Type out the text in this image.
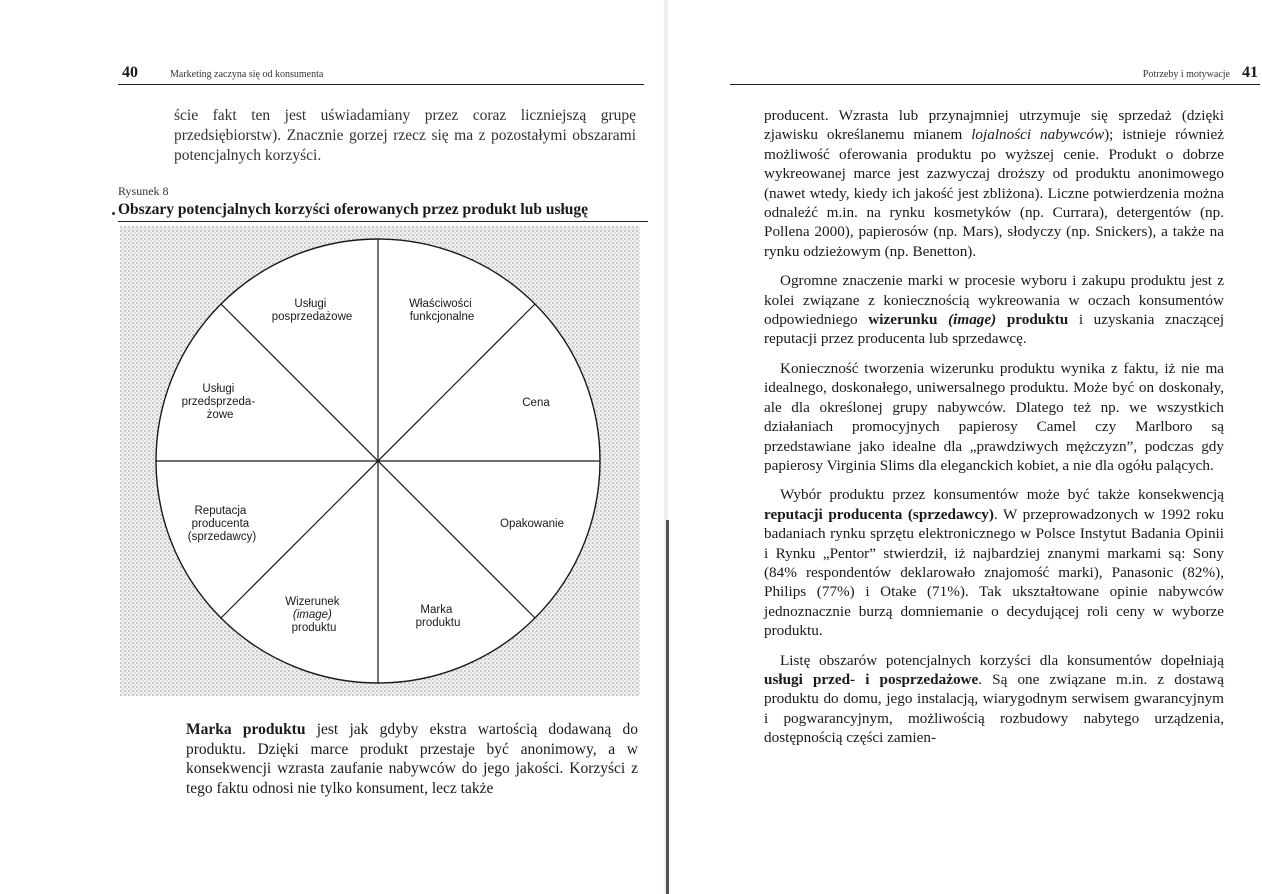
40	Marketing zaczyna się od konsumenta
ście fakt ten jest uświadamiany przez coraz liczniejszą grupę przedsiębiorstw). Znacznie gorzej rzecz się ma z pozostałymi obszarami potencjalnych korzyści.
Rysunek 8
Obszary potencjalnych korzyści oferowanych przez produkt lub usługę
Usługi posprzedażowe
Właściwości funkcjonalne
Cena
Opakowanie
Marka produktu
Wizerunek (image) produktu
Reputacja producenta (sprzedawcy)
Usługi przedsprzeda- żowe
Marka produktu jest jak gdyby ekstra wartością dodawaną do produktu. Dzięki marce produkt przestaje być anonimowy, a w konsekwencji wzrasta zaufanie nabywców do jego jakości. Korzyści z tego faktu odnosi nie tylko konsument, lecz także
Potrzeby i motywacje 41

producent. Wzrasta lub przynajmniej utrzymuje się sprzedaż (dzięki zjawisku określanemu mianem lojalności nabywców); istnieje również możliwość oferowania produktu po wyższej cenie. Produkt o dobrze wykreowanej marce jest zazwyczaj droższy od produktu anonimowego (nawet wtedy, kiedy ich jakość jest zbliżona). Liczne potwierdzenia można odnaleźć m.in. na rynku kosmetyków (np. Currara), detergentów (np. Pollena 2000), papierosów (np. Mars), słodyczy (np. Snickers), a także na rynku odzieżowym (np. Benetton).

Ogromne znaczenie marki w procesie wyboru i zakupu produktu jest z kolei związane z koniecznością wykreowania w oczach konsumentów odpowiedniego wizerunku (image) produktu i uzyskania znaczącej reputacji przez producenta lub sprzedawcę.

Konieczność tworzenia wizerunku produktu wynika z faktu, iż nie ma idealnego, doskonałego, uniwersalnego produktu. Może być on doskonały, ale dla określonej grupy nabywców. Dlatego też np. we wszystkich działaniach promocyjnych papierosy Camel czy Marlboro są przedstawiane jako idealne dla „prawdziwych mężczyzn”, podczas gdy papierosy Virginia Slims dla eleganckich kobiet, a nie dla ogółu palących.

Wybór produktu przez konsumentów może być także konsekwencją reputacji producenta (sprzedawcy). W przeprowadzonych w 1992 roku badaniach rynku sprzętu elektronicznego w Polsce Instytut Badania Opinii i Rynku „Pentor” stwierdził, iż najbardziej znanymi markami są: Sony (84% respondentów deklarowało znajomość marki), Panasonic (82%), Philips (77%) i Otake (71%). Tak ukształtowane opinie nabywców jednoznacznie burzą domniemanie o decydującej roli ceny w wyborze produktu.

Listę obszarów potencjalnych korzyści dla konsumentów dopełniają usługi przed- i posprzedażowe. Są one związane m.in. z dostawą produktu do domu, jego instalacją, wiarygodnym serwisem gwarancyjnym i pogwarancyjnym, możliwością rozbudowy nabytego urządzenia, dostępnością części zamien-
